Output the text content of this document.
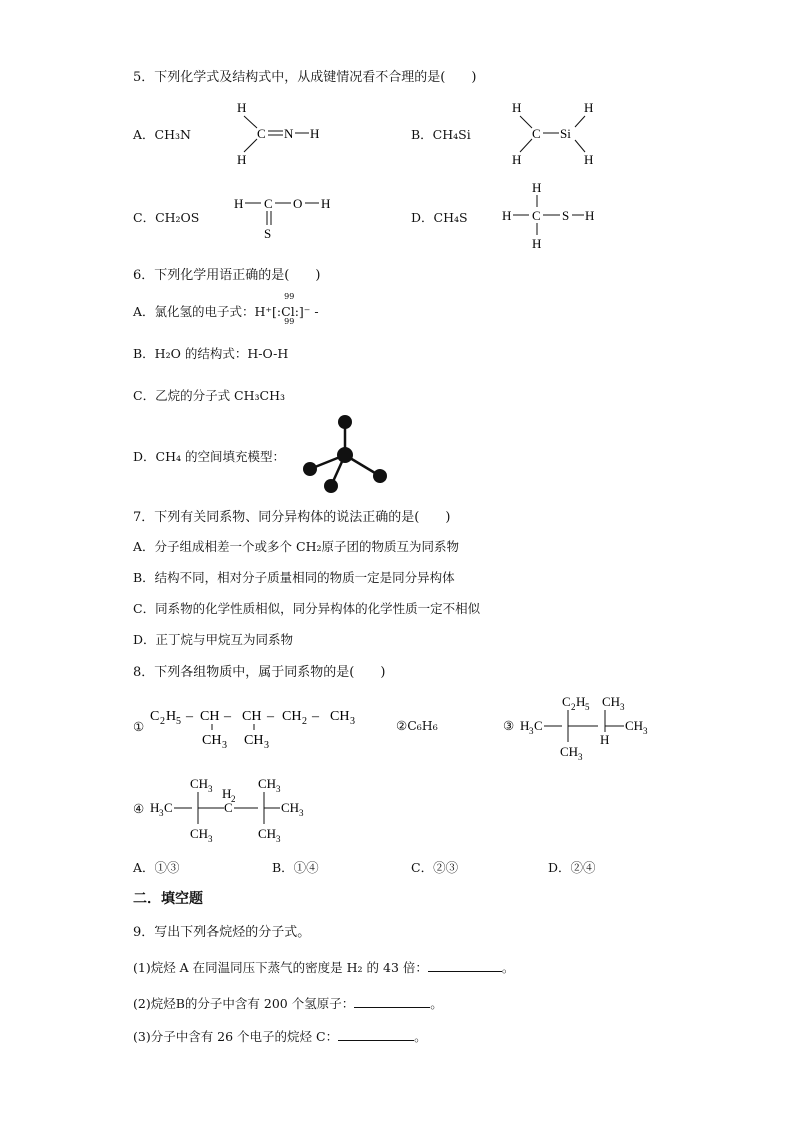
5．下列化学式及结构式中，从成键情况看不合理的是(　　)
A．CH₃N	B．CH₄Si
C．CH₂OS	D．CH₄S
H
C
H
N H
H
C
H
Si
H
H
H C O H
S
H
H C S H
H
6．下列化学用语正确的是(　　)
A．氯化氢的电子式：H⁺[:
99
Cl
99
:]⁻ -
B．H₂O 的结构式：H-O-H
C．乙烷的分子式 CH₃CH₃
D．CH₄ 的空间填充模型：
7．下列有关同系物、同分异构体的说法正确的是(　　)
A．分子组成相差一个或多个 CH₂原子团的物质互为同系物
B．结构不同，相对分子质量相同的物质一定是同分异构体
C．同系物的化学性质相似，同分异构体的化学性质一定不相似
D．正丁烷与甲烷互为同系物
8．下列各组物质中，属于同系物的是(　　)
①
C 2 H 5 – CH – CH – CH 2 – CH 3
CH 3 CH 3
②C₆H₆	③
C 2 H 5 CH 3
H 3 C
H
CH 3
CH 3
④
CH 3
H 3 C
H 2
C
CH 3
CH 3
CH 3	CH 3
A．①③	B．①④	C．②③	D．②④
二．填空题
9．写出下列各烷烃的分子式。
(1)烷烃 A 在同温同压下蒸气的密度是 H₂ 的 43 倍：	。
(2)烷烃B的分子中含有 200 个氢原子：	。
(3)分子中含有 26 个电子的烷烃 C：	。
